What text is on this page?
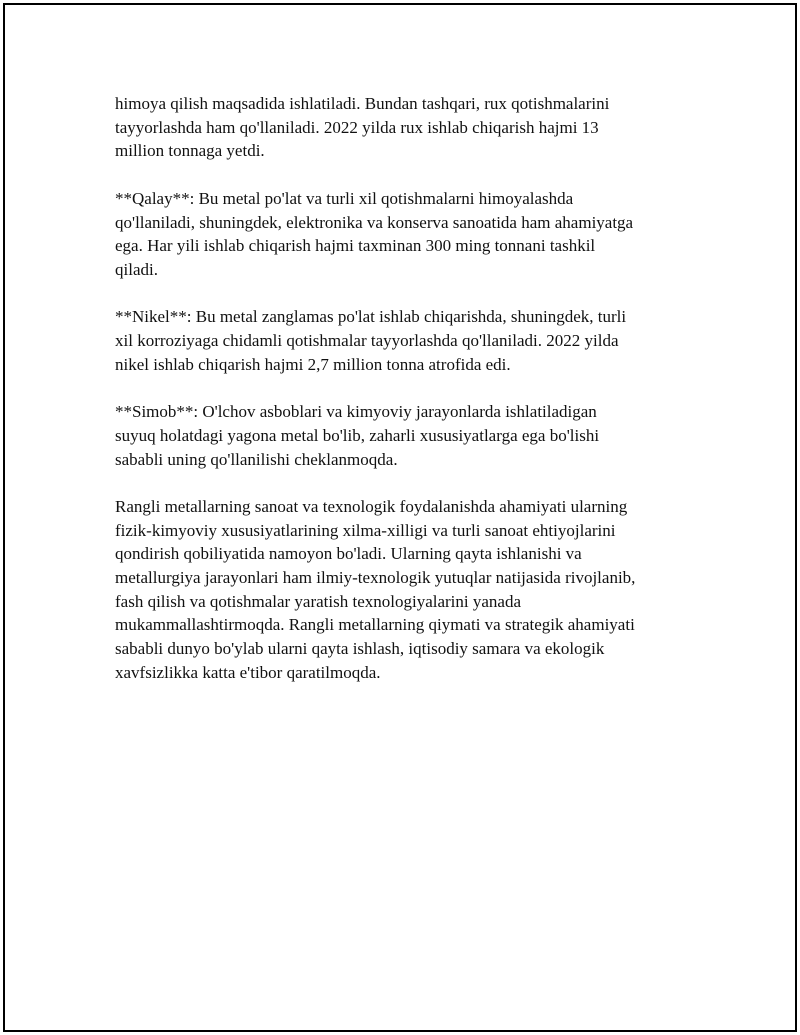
himoya qilish maqsadida ishlatiladi. Bundan tashqari, rux qotishmalarini
tayyorlashda ham qo'llaniladi. 2022 yilda rux ishlab chiqarish hajmi 13
million tonnaga yetdi.

**Qalay**: Bu metal po'lat va turli xil qotishmalarni himoyalashda
qo'llaniladi, shuningdek, elektronika va konserva sanoatida ham ahamiyatga
ega. Har yili ishlab chiqarish hajmi taxminan 300 ming tonnani tashkil
qiladi.

**Nikel**: Bu metal zanglamas po'lat ishlab chiqarishda, shuningdek, turli
xil korroziyaga chidamli qotishmalar tayyorlashda qo'llaniladi. 2022 yilda
nikel ishlab chiqarish hajmi 2,7 million tonna atrofida edi.

**Simob**: O'lchov asboblari va kimyoviy jarayonlarda ishlatiladigan
suyuq holatdagi yagona metal bo'lib, zaharli xususiyatlarga ega bo'lishi
sababli uning qo'llanilishi cheklanmoqda.

Rangli metallarning sanoat va texnologik foydalanishda ahamiyati ularning
fizik-kimyoviy xususiyatlarining xilma-xilligi va turli sanoat ehtiyojlarini
qondirish qobiliyatida namoyon bo'ladi. Ularning qayta ishlanishi va
metallurgiya jarayonlari ham ilmiy-texnologik yutuqlar natijasida rivojlanib,
fash qilish va qotishmalar yaratish texnologiyalarini yanada
mukammallashtirmoqda. Rangli metallarning qiymati va strategik ahamiyati
sababli dunyo bo'ylab ularni qayta ishlash, iqtisodiy samara va ekologik
xavfsizlikka katta e'tibor qaratilmoqda.
